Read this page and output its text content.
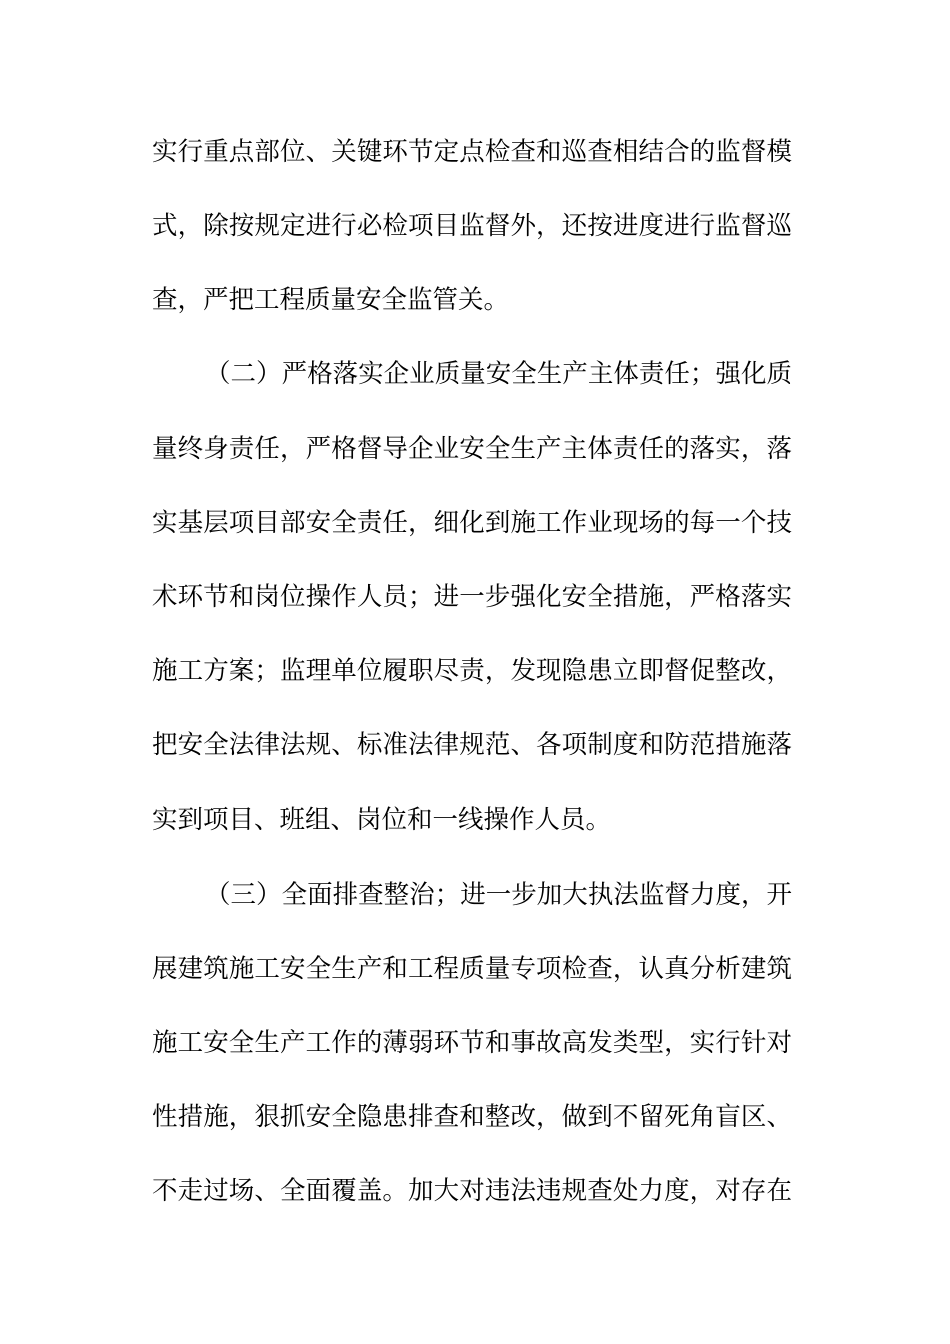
实行重点部位、关键环节定点检查和巡查相结合的监督模
式，除按规定进行必检项目监督外，还按进度进行监督巡
查，严把工程质量安全监管关。
（二）严格落实企业质量安全生产主体责任；强化质
量终身责任，严格督导企业安全生产主体责任的落实，落
实基层项目部安全责任，细化到施工作业现场的每一个技
术环节和岗位操作人员；进一步强化安全措施，严格落实
施工方案；监理单位履职尽责，发现隐患立即督促整改，
把安全法律法规、标准法律规范、各项制度和防范措施落
实到项目、班组、岗位和一线操作人员。
（三）全面排查整治；进一步加大执法监督力度，开
展建筑施工安全生产和工程质量专项检查，认真分析建筑
施工安全生产工作的薄弱环节和事故高发类型，实行针对
性措施，狠抓安全隐患排查和整改，做到不留死角盲区、
不走过场、全面覆盖。加大对违法违规查处力度，对存在
